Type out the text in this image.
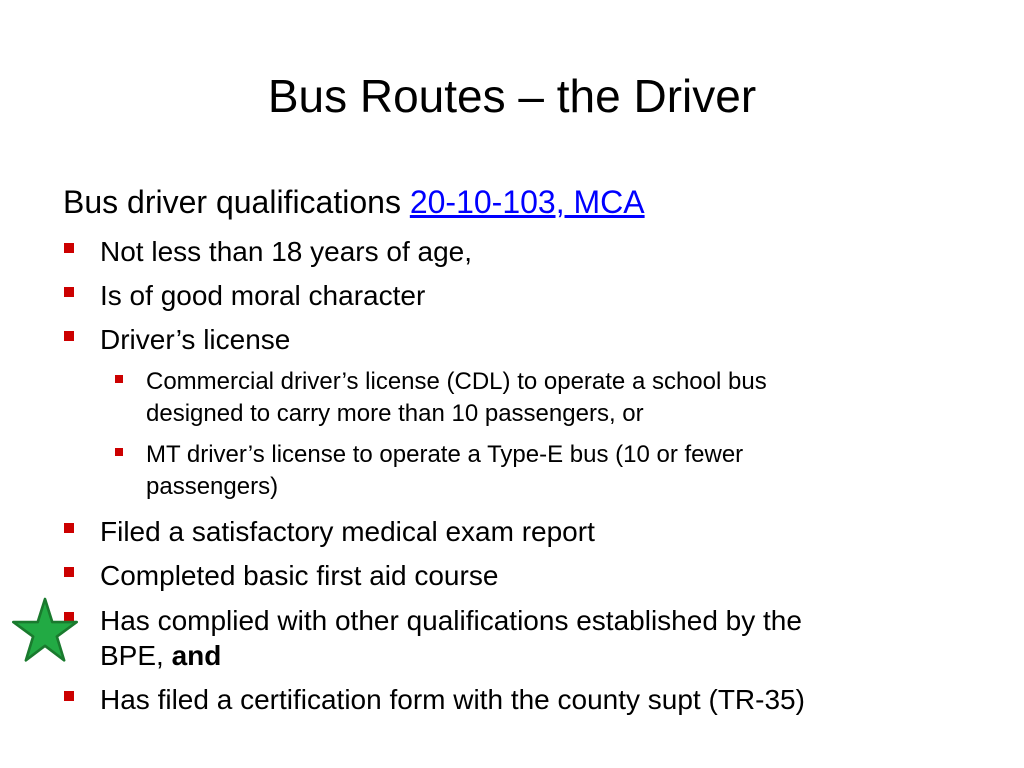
Bus Routes – the Driver
Bus driver qualifications 20-10-103, MCA

Not less than 18 years of age,

Is of good moral character

Driver’s license

Commercial driver’s license (CDL) to operate a school bus

designed to carry more than 10 passengers, or

MT driver’s license to operate a Type-E bus (10 or fewer

passengers)

Filed a satisfactory medical exam report

Completed basic first aid course

Has complied with other qualifications established by the

BPE, and

Has filed a certification form with the county supt (TR-35)
